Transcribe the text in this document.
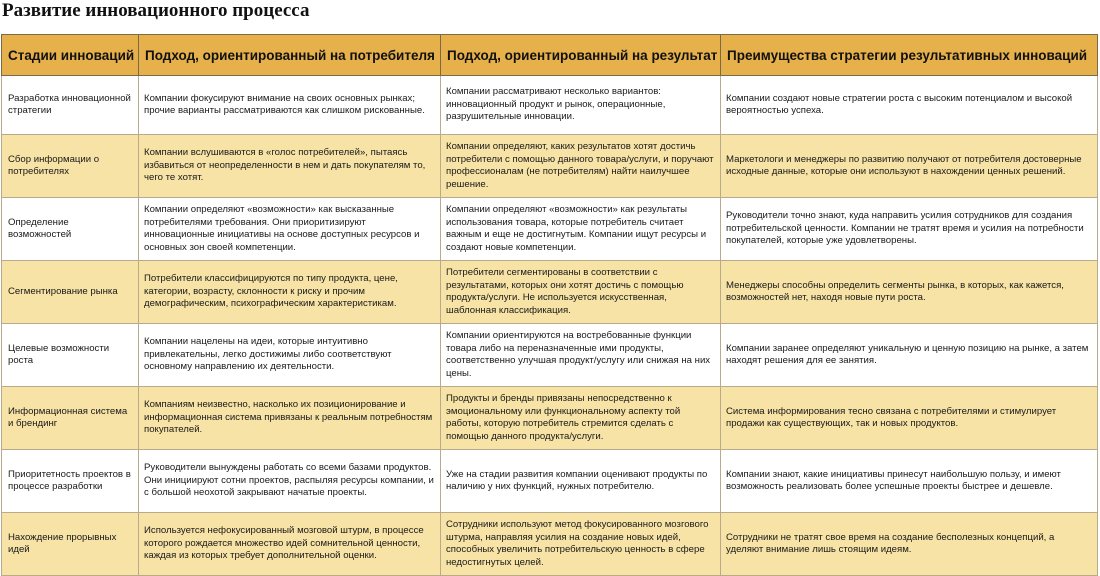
Развитие инновационного процесса
Стадии инноваций	Подход, ориентированный на потребителя	Подход, ориентированный на результат	Преимущества стратегии результативных инноваций
Разработка инновационной стратегии	Компании фокусируют внимание на своих основных рынках; прочие варианты рассматриваются как слишком рискованные.	Компании рассматривают несколько вариантов: инновационный продукт и рынок, операционные, разрушительные инновации.	Компании создают новые стратегии роста с высоким потенциалом и высокой вероятностью успеха.
Сбор информации о потребителях	Компании вслушиваются в «голос потребителей», пытаясь избавиться от неопределенности в нем и дать покупателям то, чего те хотят.	Компании определяют, каких результатов хотят достичь потребители с помощью данного товара/услуги, и поручают профессионалам (не потребителям) найти наилучшее решение.	Маркетологи и менеджеры по развитию получают от потребителя достоверные исходные данные, которые они используют в нахождении ценных решений.
Определение возможностей	Компании определяют «возможности» как высказанные потребителями требования. Они приоритизируют инновационные инициативы на основе доступных ресурсов и основных зон своей компетенции.	Компании определяют «возможности» как результаты использования товара, которые потребитель считает важным и еще не достигнутым. Компании ищут ресурсы и создают новые компетенции.	Руководители точно знают, куда направить усилия сотрудников для создания потребительской ценности. Компании не тратят время и усилия на потребности покупателей, которые уже удовлетворены.
Сегментирование рынка	Потребители классифицируются по типу продукта, цене, категории, возрасту, склонности к риску и прочим демографическим, психографическим характеристикам.	Потребители сегментированы в соответствии с результатами, которых они хотят достичь с помощью продукта/услуги. Не используется искусственная, шаблонная классификация.	Менеджеры способны определить сегменты рынка, в которых, как кажется, возможностей нет, находя новые пути роста.
Целевые возможности роста	Компании нацелены на идеи, которые интуитивно привлекательны, легко достижимы либо соответствуют основному направлению их деятельности.	Компании ориентируются на востребованные функции товара либо на переназначенные ими продукты, соответственно улучшая продукт/услугу или снижая на них цены.	Компании заранее определяют уникальную и ценную позицию на рынке, а затем находят решения для ее занятия.
Информационная система и брендинг	Компаниям неизвестно, насколько их позиционирование и информационная система привязаны к реальным потребностям покупателей.	Продукты и бренды привязаны непосредственно к эмоциональному или функциональному аспекту той работы, которую потребитель стремится сделать с помощью данного продукта/услуги.	Система информирования тесно связана с потребителями и стимулирует продажи как существующих, так и новых продуктов.
Приоритетность проектов в процессе разработки	Руководители вынуждены работать со всеми базами продуктов. Они инициируют сотни проектов, распыляя ресурсы компании, и с большой неохотой закрывают начатые проекты.	Уже на стадии развития компании оценивают продукты по наличию у них функций, нужных потребителю.	Компании знают, какие инициативы принесут наибольшую пользу, и имеют возможность реализовать более успешные проекты быстрее и дешевле.
Нахождение прорывных идей	Используется нефокусированный мозговой штурм, в процессе которого рождается множество идей сомнительной ценности, каждая из которых требует дополнительной оценки.	Сотрудники используют метод фокусированного мозгового штурма, направляя усилия на создание новых идей, способных увеличить потребительскую ценность в сфере недостигнутых целей.	Сотрудники не тратят свое время на создание бесполезных концепций, а уделяют внимание лишь стоящим идеям.
